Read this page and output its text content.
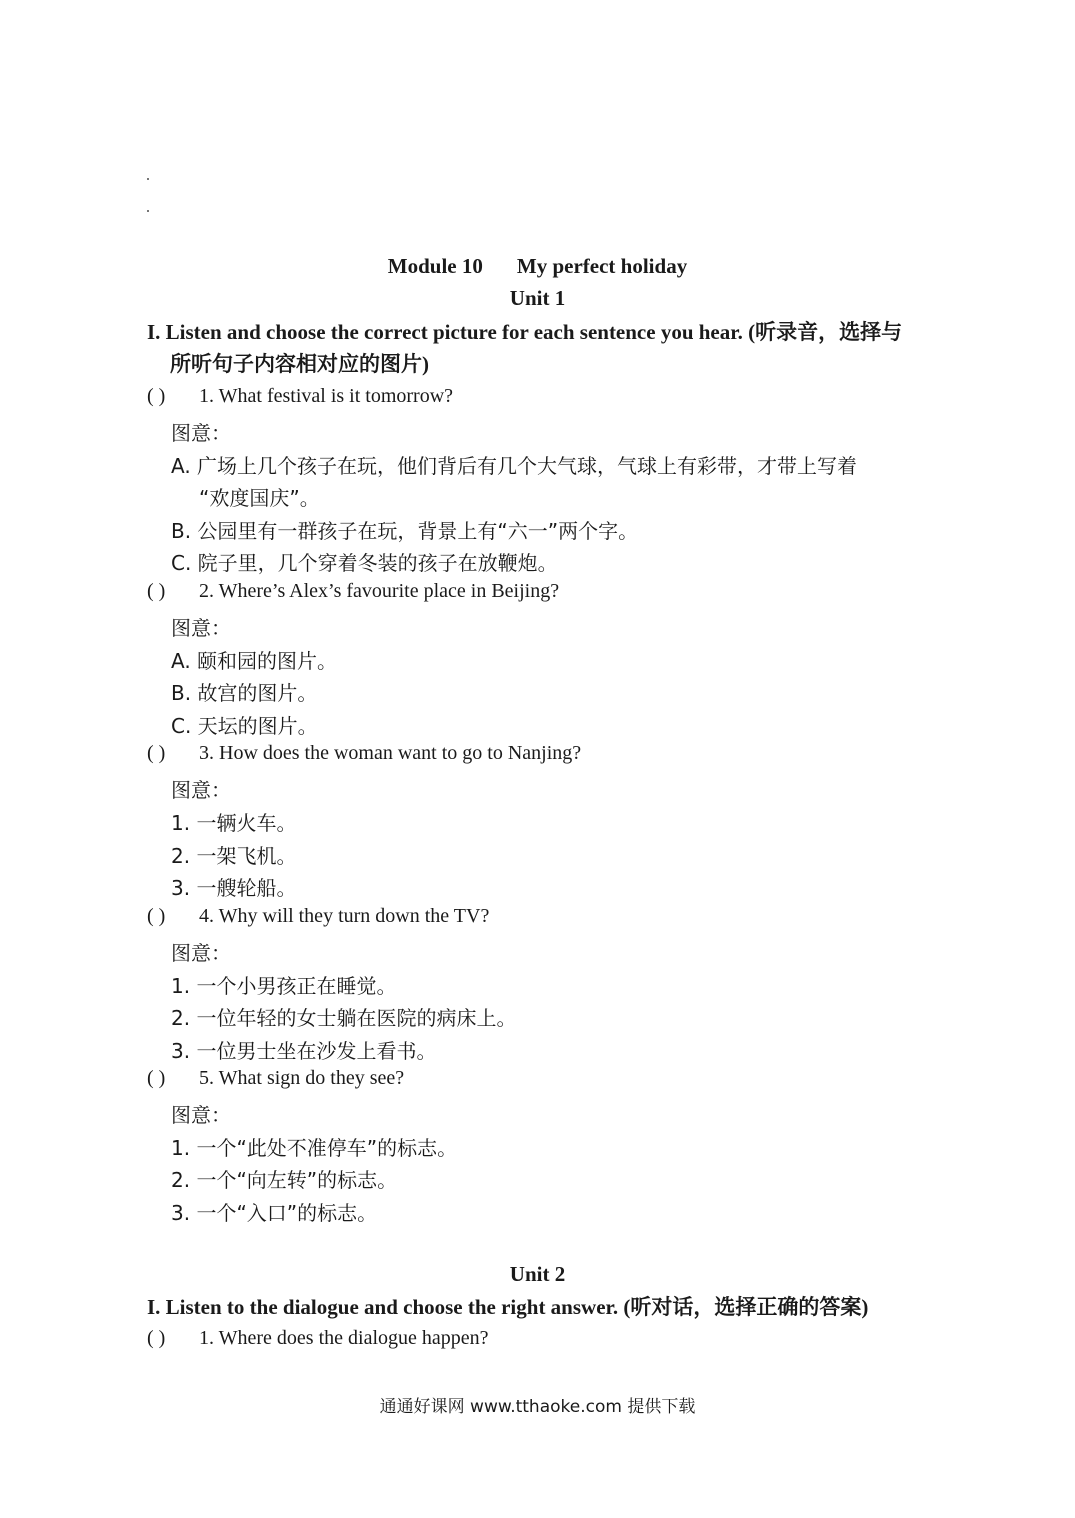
Module 10 My perfect holiday
Unit 1
I. Listen and choose the correct picture for each sentence you hear. (听录音，选择与
所听句子内容相对应的图片)
( ) 1. What festival is it tomorrow?
图意：
A. 广场上几个孩子在玩，他们背后有几个大气球，气球上有彩带，才带上写着
“欢度国庆”。
B. 公园里有一群孩子在玩，背景上有“六一”两个字。
C. 院子里，几个穿着冬装的孩子在放鞭炮。
( ) 2. Where’s Alex’s favourite place in Beijing?
图意：
A. 颐和园的图片。
B. 故宫的图片。
C. 天坛的图片。
( ) 3. How does the woman want to go to Nanjing?
图意：
1. 一辆火车。
2. 一架飞机。
3. 一艘轮船。
( ) 4. Why will they turn down the TV?
图意：
1. 一个小男孩正在睡觉。
2. 一位年轻的女士躺在医院的病床上。
3. 一位男士坐在沙发上看书。
( ) 5. What sign do they see?
图意：
1. 一个“此处不准停车”的标志。
2. 一个“向左转”的标志。
3. 一个“入口”的标志。
Unit 2
I. Listen to the dialogue and choose the right answer. (听对话，选择正确的答案)
( ) 1. Where does the dialogue happen?
通通好课网 www.tthaoke.com 提供下载
